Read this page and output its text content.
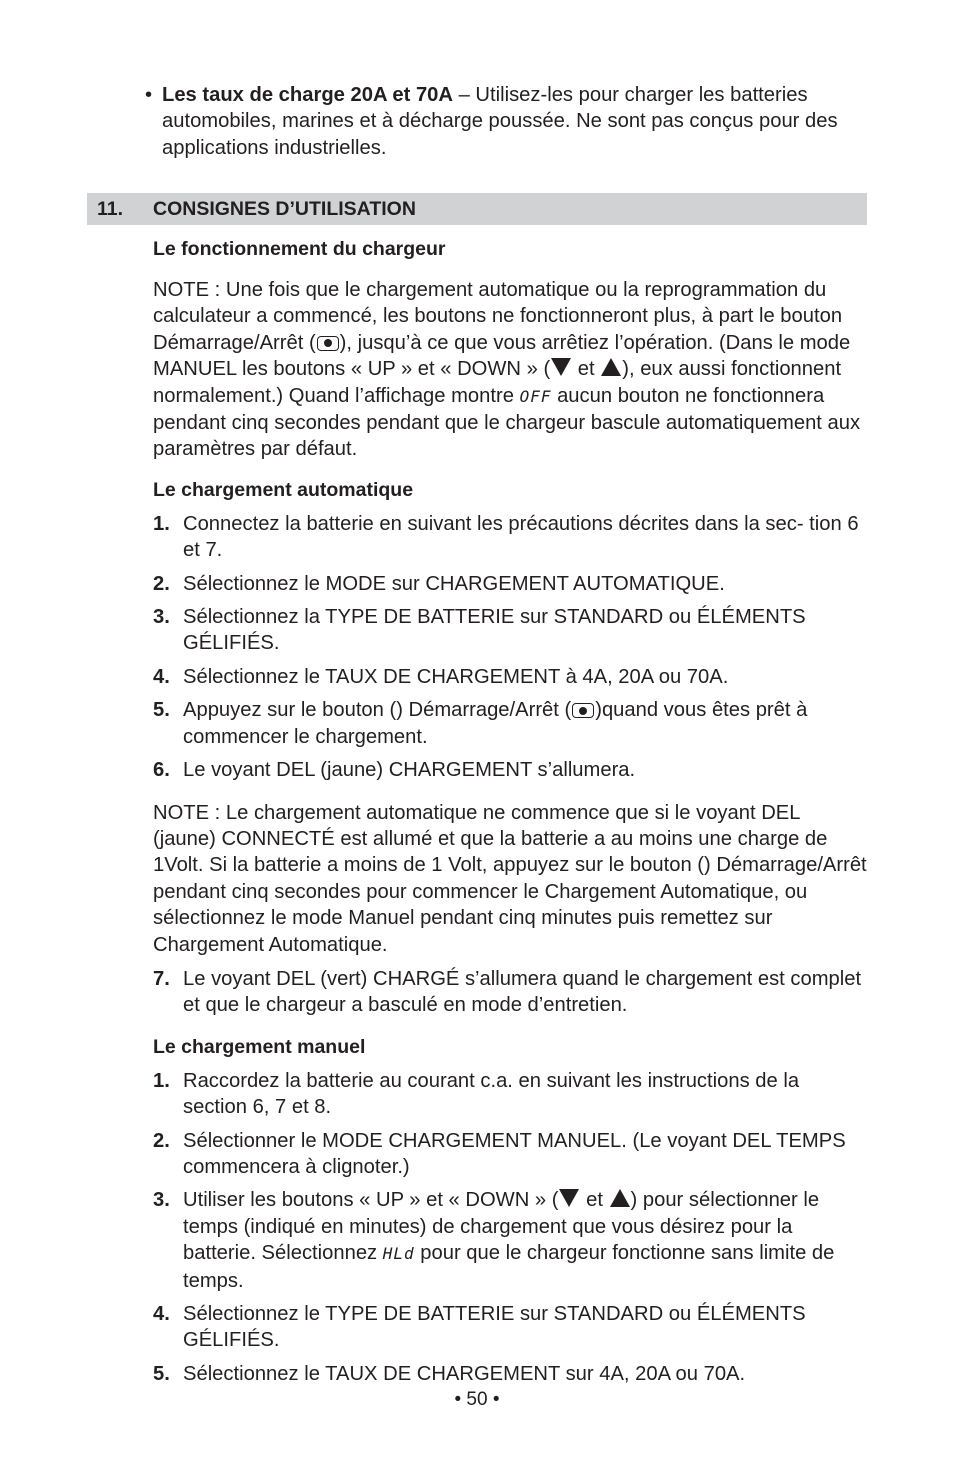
• Les taux de charge 20A et 70A – Utilisez-les pour charger les batteries automobiles, marines et à décharge poussée. Ne sont pas conçus pour des applications industrielles.
11. CONSIGNES D’UTILISATION

Le fonctionnement du chargeur

NOTE : Une fois que le chargement automatique ou la reprogrammation du calculateur a commencé, les boutons ne fonctionneront plus, à part le bouton Démarrage/Arrêt ( ), jusqu’à ce que vous arrêtiez l’opération. (Dans le mode MANUEL les boutons « UP » et « DOWN » ( et ), eux aussi fonctionnent normalement.) Quand l’affichage montre OFF aucun bouton ne fonctionnera pendant cinq secondes pendant que le chargeur bascule automatiquement aux paramètres par défaut.

Le chargement automatique

1. Connectez la batterie en suivant les précautions décrites dans la sec- tion 6 et 7.
2. Sélectionnez le MODE sur CHARGEMENT AUTOMATIQUE.
3. Sélectionnez la TYPE DE BATTERIE sur STANDARD ou ÉLÉMENTS GÉLIFIÉS.
4. Sélectionnez le TAUX DE CHARGEMENT à 4A, 20A ou 70A.
5. Appuyez sur le bouton () Démarrage/Arrêt ( )quand vous êtes prêt à commencer le chargement.
6. Le voyant DEL (jaune) CHARGEMENT s’allumera.

NOTE : Le chargement automatique ne commence que si le voyant DEL (jaune) CONNECTÉ est allumé et que la batterie a au moins une charge de 1Volt. Si la batterie a moins de 1 Volt, appuyez sur le bouton () Démarrage/Arrêt pendant cinq secondes pour commencer le Chargement Automatique, ou sélectionnez le mode Manuel pendant cinq minutes puis remettez sur Chargement Automatique.

7. Le voyant DEL (vert) CHARGÉ s’allumera quand le chargement est complet et que le chargeur a basculé en mode d’entretien.

Le chargement manuel

1. Raccordez la batterie au courant c.a. en suivant les instructions de la section 6, 7 et 8.
2. Sélectionner le MODE CHARGEMENT MANUEL. (Le voyant DEL TEMPS commencera à clignoter.)
3. Utiliser les boutons « UP » et « DOWN » ( et ) pour sélectionner le temps (indiqué en minutes) de chargement que vous désirez pour la batterie. Sélectionnez HLd pour que le chargeur fonctionne sans limite de temps.
4. Sélectionnez le TYPE DE BATTERIE sur STANDARD ou ÉLÉMENTS GÉLIFIÉS.
5. Sélectionnez le TAUX DE CHARGEMENT sur 4A, 20A ou 70A.
• 50 •
